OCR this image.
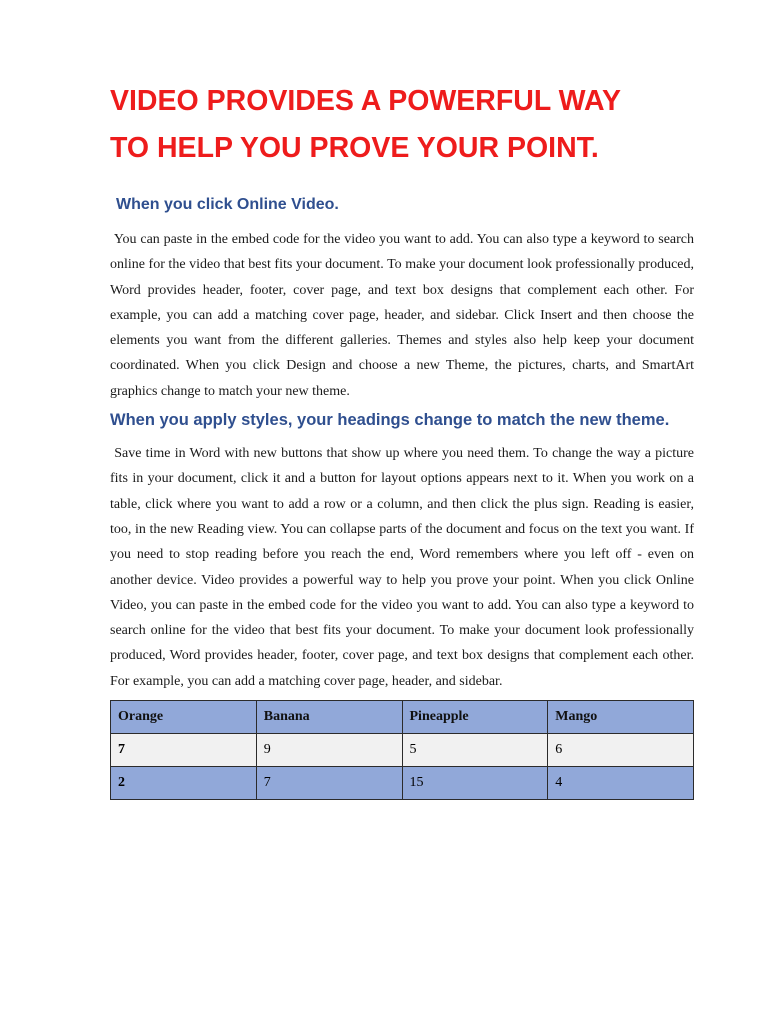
VIDEO PROVIDES A POWERFUL WAY
TO HELP YOU PROVE YOUR POINT.
When you click Online Video.

You can paste in the embed code for the video you want to add. You can also type a keyword to search online for the video that best fits your document. To make your document look professionally produced, Word provides header, footer, cover page, and text box designs that complement each other. For example, you can add a matching cover page, header, and sidebar. Click Insert and then choose the elements you want from the different galleries. Themes and styles also help keep your document coordinated. When you click Design and choose a new Theme, the pictures, charts, and SmartArt graphics change to match your new theme.

When you apply styles, your headings change to match the new theme.

Save time in Word with new buttons that show up where you need them. To change the way a picture fits in your document, click it and a button for layout options appears next to it. When you work on a table, click where you want to add a row or a column, and then click the plus sign. Reading is easier, too, in the new Reading view. You can collapse parts of the document and focus on the text you want. If you need to stop reading before you reach the end, Word remembers where you left off - even on another device. Video provides a powerful way to help you prove your point. When you click Online Video, you can paste in the embed code for the video you want to add. You can also type a keyword to search online for the video that best fits your document. To make your document look professionally produced, Word provides header, footer, cover page, and text box designs that complement each other. For example, you can add a matching cover page, header, and sidebar.

Orange	Banana	Pineapple	Mango
7	9	5	6
2	7	15	4
